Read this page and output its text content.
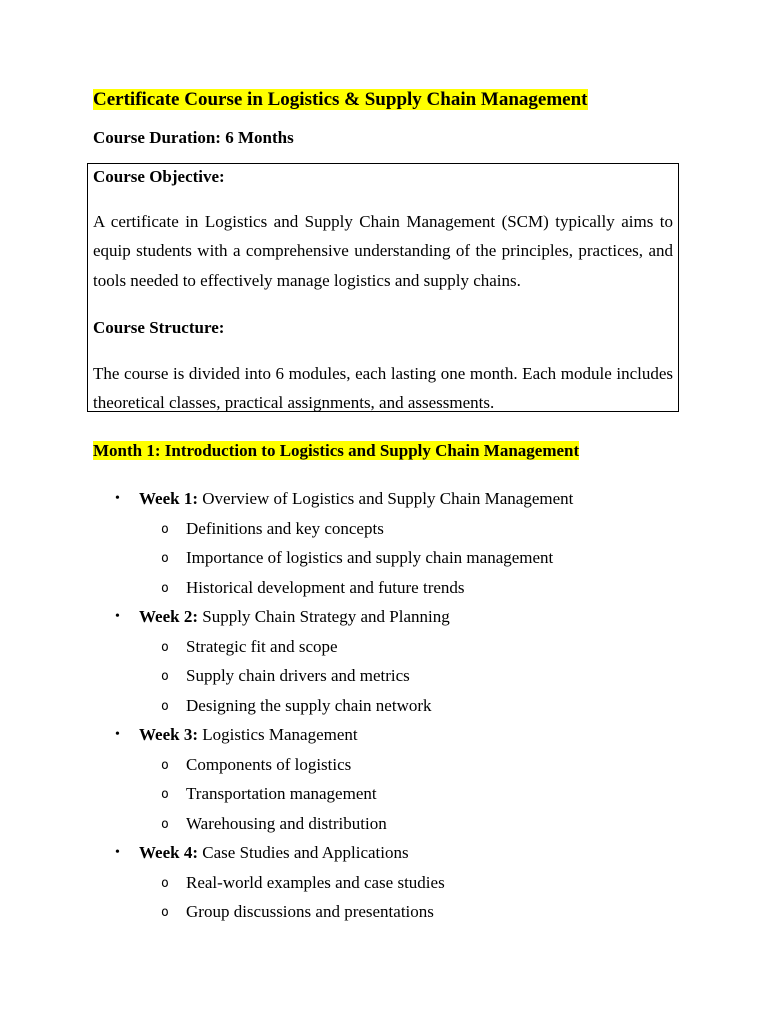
Certificate Course in Logistics & Supply Chain Management
Course Duration: 6 Months
Course Objective:
A certificate in Logistics and Supply Chain Management (SCM) typically aims to equip students with a comprehensive understanding of the principles, practices, and tools needed to effectively manage logistics and supply chains.
Course Structure:
The course is divided into 6 modules, each lasting one month. Each module includes theoretical classes, practical assignments, and assessments.
Month 1: Introduction to Logistics and Supply Chain Management
• Week 1: Overview of Logistics and Supply Chain Management
o Definitions and key concepts
o Importance of logistics and supply chain management
o Historical development and future trends
• Week 2: Supply Chain Strategy and Planning
o Strategic fit and scope
o Supply chain drivers and metrics
o Designing the supply chain network
• Week 3: Logistics Management
o Components of logistics
o Transportation management
o Warehousing and distribution
• Week 4: Case Studies and Applications
o Real-world examples and case studies
o Group discussions and presentations
